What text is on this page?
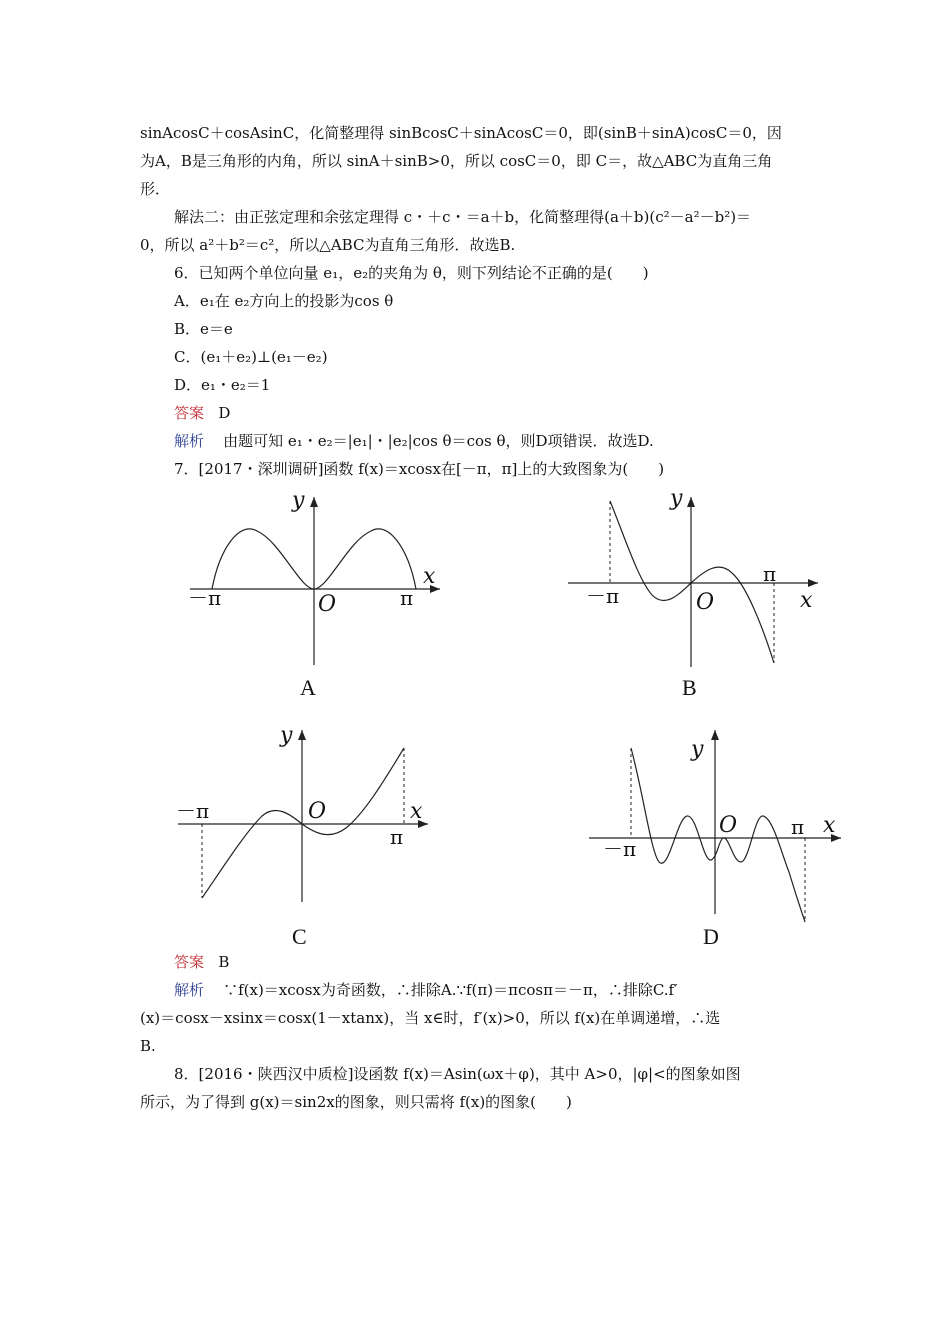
sinAcosC＋cosAsinC，化简整理得 sinBcosC＋sinAcosC＝0，即(sinB＋sinA)cosC＝0，因
为A，B是三角形的内角，所以 sinA＋sinB>0，所以 cosC＝0，即 C＝，故△ABC为直角三角
形．
解法二：由正弦定理和余弦定理得 c・＋c・＝a＋b，化简整理得(a＋b)(c²－a²－b²)＝
0，所以 a²＋b²＝c²，所以△ABC为直角三角形．故选B.
6．已知两个单位向量 e₁，e₂的夹角为 θ，则下列结论不正确的是(　　)
A．e₁在 e₂方向上的投影为cos θ
B．e＝e
C．(e₁＋e₂)⊥(e₁－e₂)
D．e₁・e₂＝1
答案 D
解析 由题可知 e₁・e₂＝|e₁|・|e₂|cos θ＝cos θ，则D项错误．故选D.
7．[2017・深圳调研]函数 f(x)＝xcosx在[－π，π]上的大致图象为(　　)
y
x
O
－π	π
A
y
x
O
－π
π
B
y
x
O
－π
π
C
y
x
O
－π
π
D
答案 B
解析 ∵f(x)＝xcosx为奇函数，∴排除A.∵f(π)＝πcosπ＝－π，∴排除C.f′
(x)＝cosx－xsinx＝cosx(1－xtanx)，当 x∈时，f′(x)>0，所以 f(x)在单调递增，∴选
B.
8．[2016・陕西汉中质检]设函数 f(x)＝Asin(ωx＋φ)，其中 A>0，|φ|<的图象如图
所示，为了得到 g(x)＝sin2x的图象，则只需将 f(x)的图象(　　)
